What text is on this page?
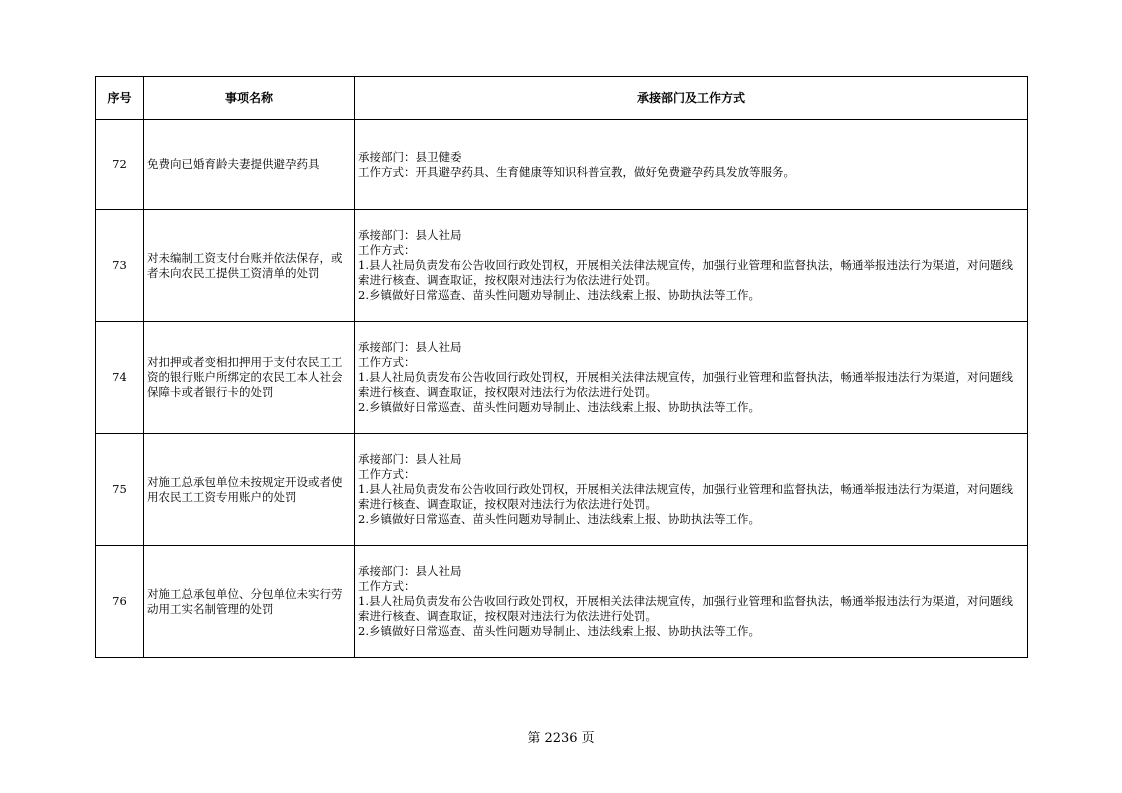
序号	事项名称	承接部门及工作方式
72	免费向已婚育龄夫妻提供避孕药具	承接部门：县卫健委
工作方式：开具避孕药具、生育健康等知识科普宣教，做好免费避孕药具发放等服务。

73	对未编制工资支付台账并依法保存，或者未向农民工提供工资清单的处罚	承接部门：县人社局
工作方式：
1.县人社局负责发布公告收回行政处罚权，开展相关法律法规宣传，加强行业管理和监督执法，畅通举报违法行为渠道，对问题线索进行核查、调查取证，按权限对违法行为依法进行处罚。
2.乡镇做好日常巡查、苗头性问题劝导制止、违法线索上报、协助执法等工作。

74	对扣押或者变相扣押用于支付农民工工资的银行账户所绑定的农民工本人社会保障卡或者银行卡的处罚	承接部门：县人社局
工作方式：
1.县人社局负责发布公告收回行政处罚权，开展相关法律法规宣传，加强行业管理和监督执法，畅通举报违法行为渠道，对问题线索进行核查、调查取证，按权限对违法行为依法进行处罚。
2.乡镇做好日常巡查、苗头性问题劝导制止、违法线索上报、协助执法等工作。

75	对施工总承包单位未按规定开设或者使用农民工工资专用账户的处罚	承接部门：县人社局
工作方式：
1.县人社局负责发布公告收回行政处罚权，开展相关法律法规宣传，加强行业管理和监督执法，畅通举报违法行为渠道，对问题线索进行核查、调查取证，按权限对违法行为依法进行处罚。
2.乡镇做好日常巡查、苗头性问题劝导制止、违法线索上报、协助执法等工作。

76	对施工总承包单位、分包单位未实行劳动用工实名制管理的处罚	承接部门：县人社局
工作方式：
1.县人社局负责发布公告收回行政处罚权，开展相关法律法规宣传，加强行业管理和监督执法，畅通举报违法行为渠道，对问题线索进行核查、调查取证，按权限对违法行为依法进行处罚。
2.乡镇做好日常巡查、苗头性问题劝导制止、违法线索上报、协助执法等工作。
第 2236 页
